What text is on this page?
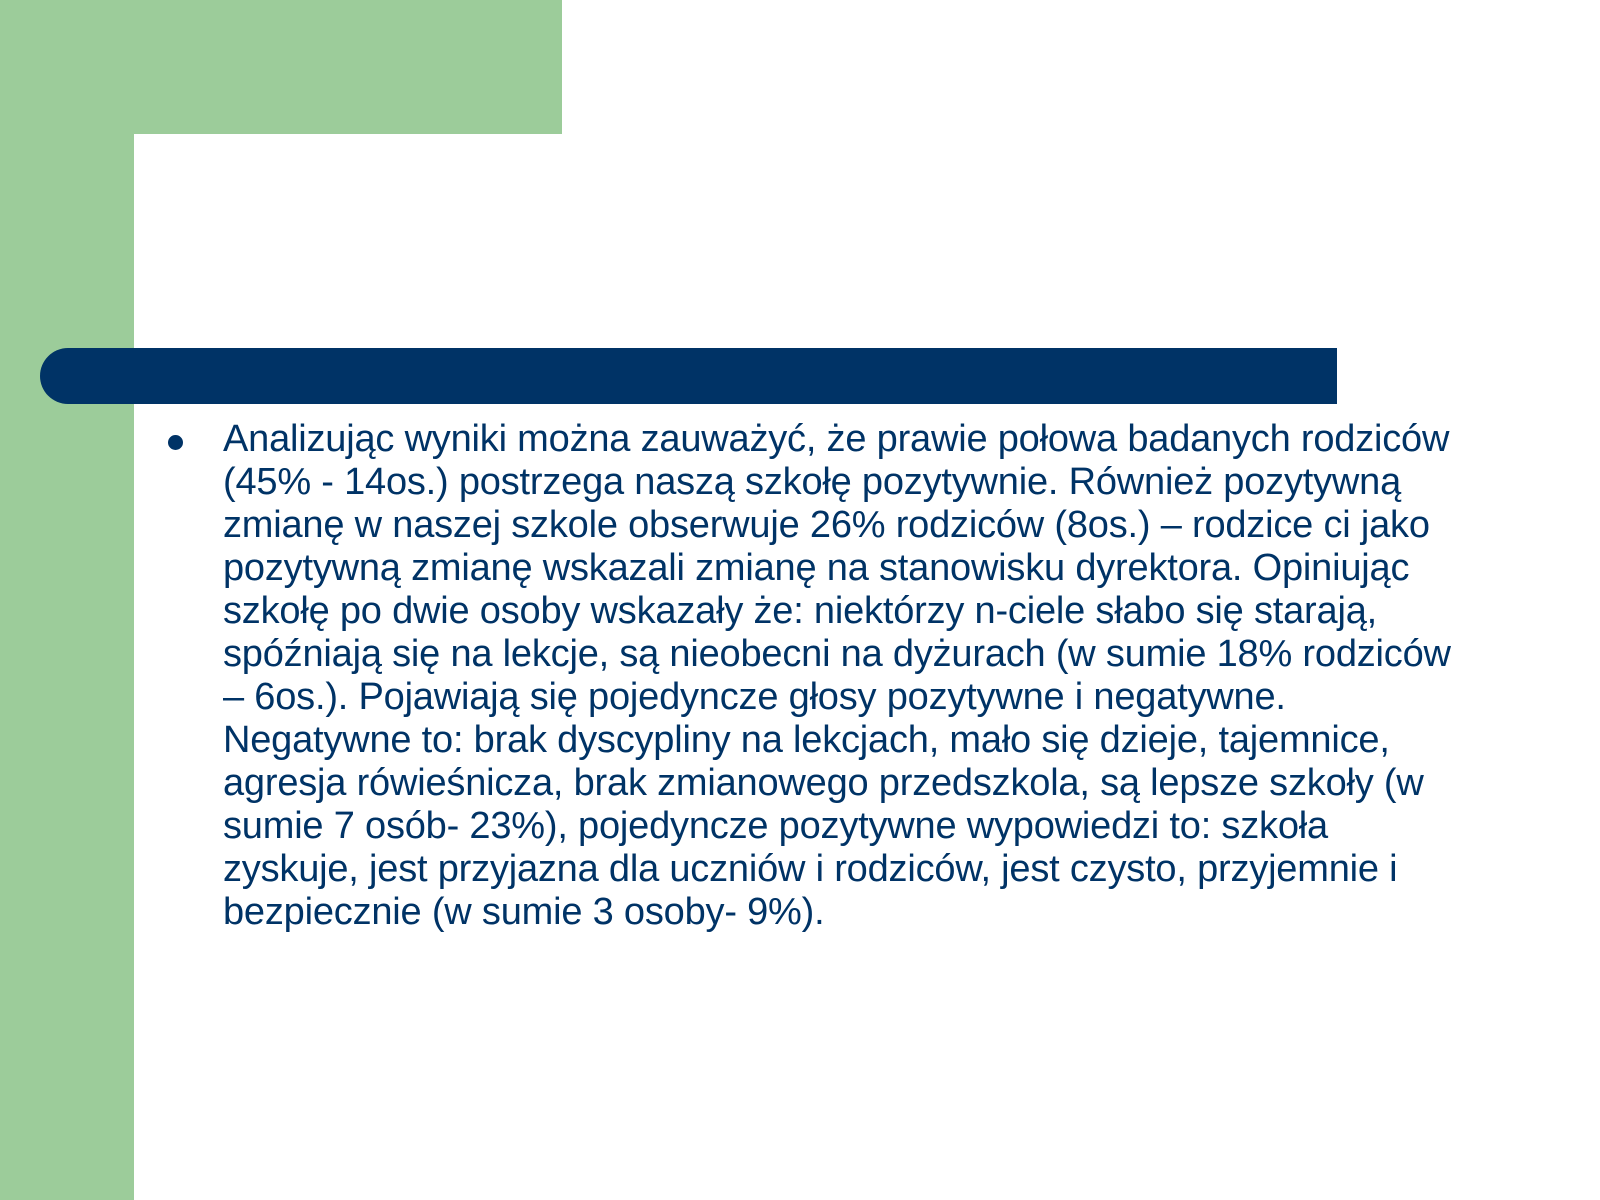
Analizując wyniki można zauważyć, że prawie połowa badanych rodziców (45% - 14os.) postrzega naszą szkołę pozytywnie. Również pozytywną zmianę w naszej szkole obserwuje 26% rodziców (8os.) – rodzice ci jako pozytywną zmianę wskazali zmianę na stanowisku dyrektora. Opiniując szkołę po dwie osoby wskazały że: niektórzy n-ciele słabo się starają, spóźniają się na lekcje, są nieobecni na dyżurach (w sumie 18% rodziców – 6os.). Pojawiają się pojedyncze głosy pozytywne i negatywne. Negatywne to: brak dyscypliny na lekcjach, mało się dzieje, tajemnice, agresja rówieśnicza, brak zmianowego przedszkola, są lepsze szkoły (w sumie 7 osób- 23%), pojedyncze pozytywne wypowiedzi to: szkoła zyskuje, jest przyjazna dla uczniów i rodziców, jest czysto, przyjemnie i bezpiecznie (w sumie 3 osoby- 9%).
